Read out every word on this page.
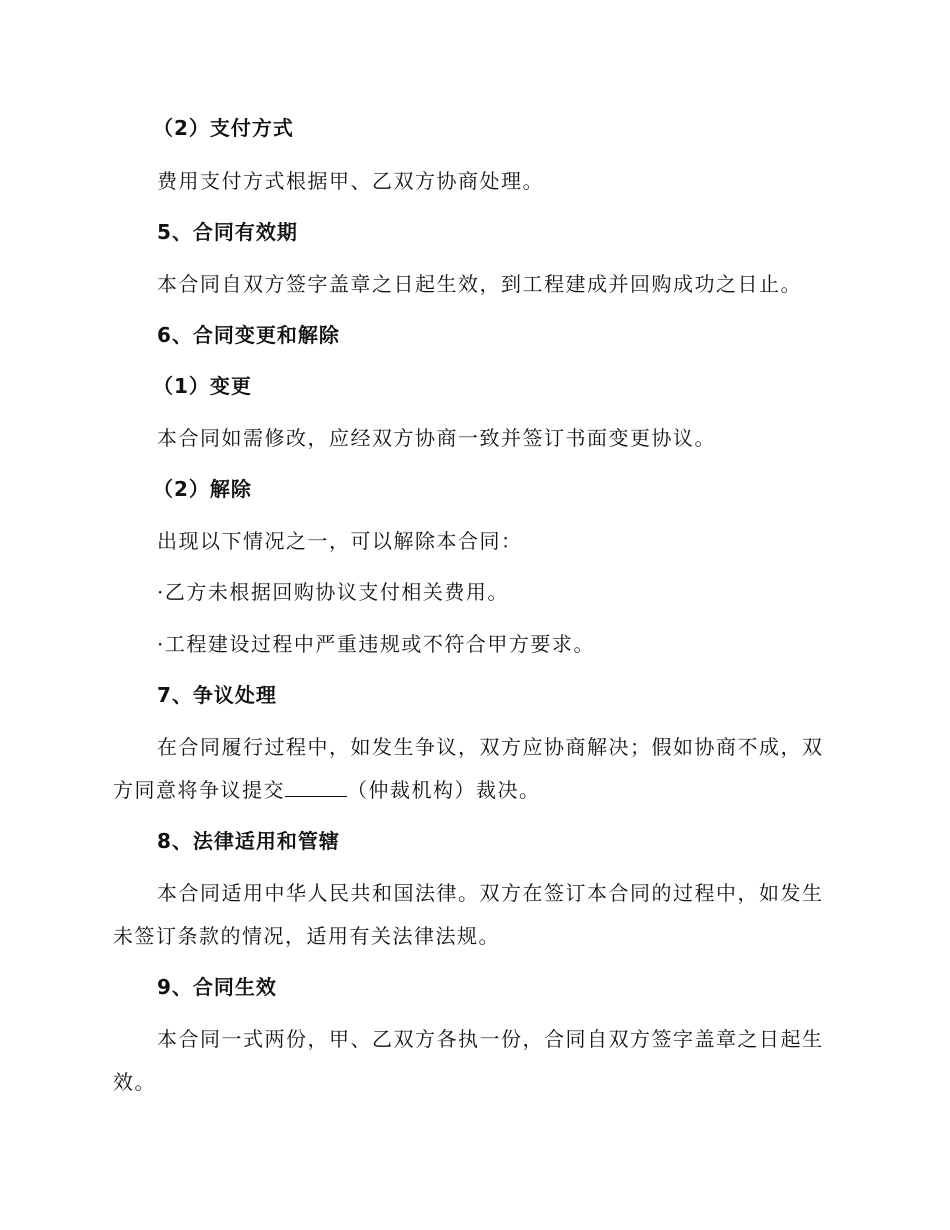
（2）支付方式
费用支付方式根据甲、乙双方协商处理。
5、合同有效期
本合同自双方签字盖章之日起生效，到工程建成并回购成功之日止。
6、合同变更和解除
（1）变更
本合同如需修改，应经双方协商一致并签订书面变更协议。
（2）解除
出现以下情况之一，可以解除本合同：
·乙方未根据回购协议支付相关费用。
·工程建设过程中严重违规或不符合甲方要求。
7、争议处理
在合同履行过程中，如发生争议，双方应协商解决；假如协商不成，双
方同意将争议提交	（仲裁机构）裁决。
8、法律适用和管辖
本合同适用中华人民共和国法律。双方在签订本合同的过程中，如发生
未签订条款的情况，适用有关法律法规。
9、合同生效
本合同一式两份，甲、乙双方各执一份，合同自双方签字盖章之日起生
效。
